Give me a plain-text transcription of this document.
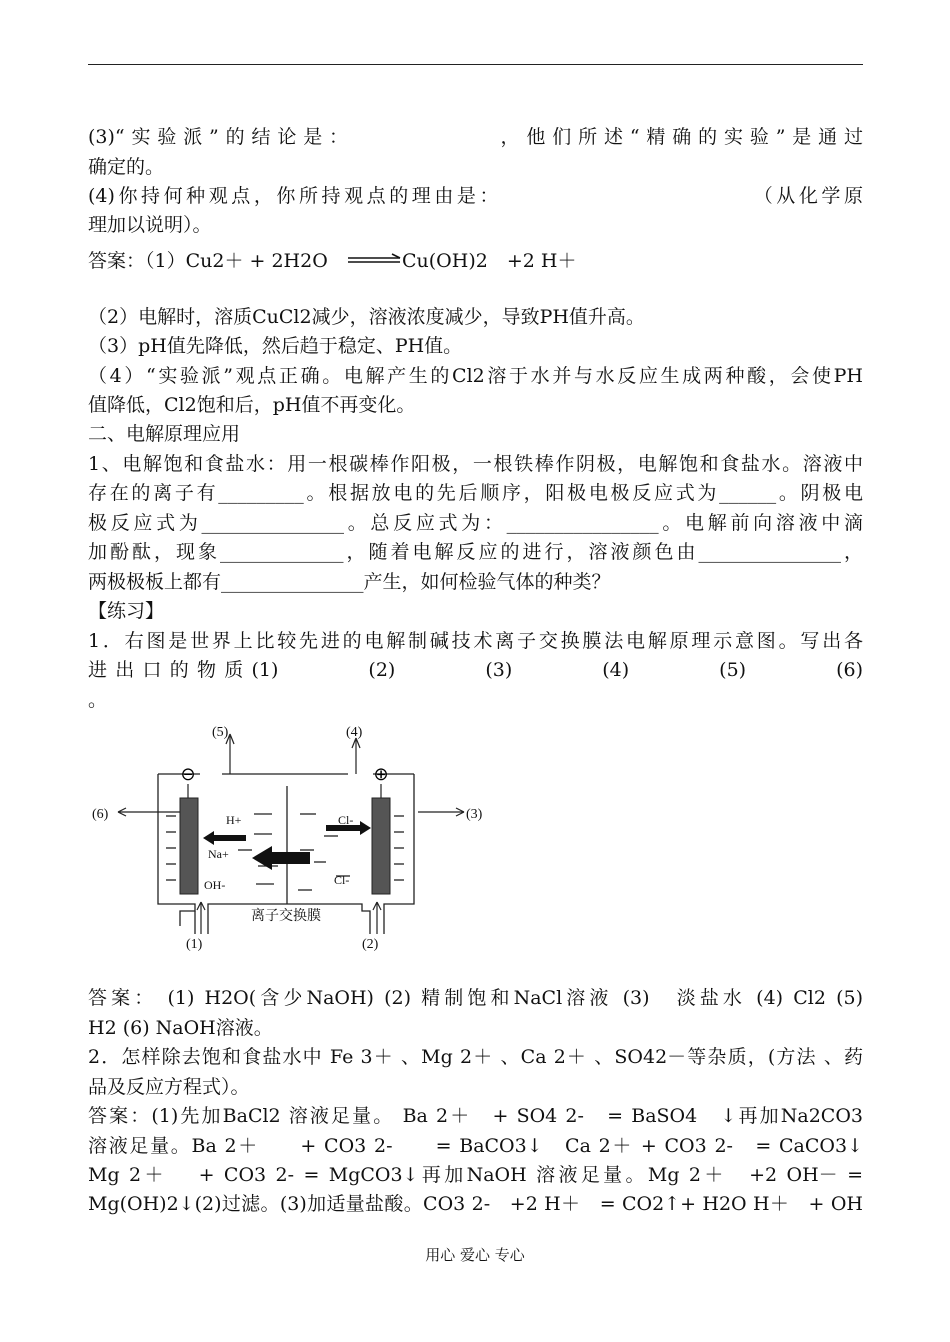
(3)“实验派”的结论是：　　　　　　，他们所述“精确的实验”是通过
确定的。
(4)你持何种观点，你所持观点的理由是：　　　　　　　　　　　　（从化学原
理加以说明）。
答案：（1）Cu2＋ + 2H2O	Cu(OH)2　+2 H＋
（2）电解时，溶质CuCl2减少，溶液浓度减少，导致PH值升高。
（3）pH值先降低，然后趋于稳定、PH值。
（4）“实验派”观点正确。电解产生的Cl2溶于水并与水反应生成两种酸，会使PH
值降低，Cl2饱和后，pH值不再变化。
二、电解原理应用
1、电解饱和食盐水：用一根碳棒作阳极，一根铁棒作阴极，电解饱和食盐水。溶液中
存在的离子有_________。根据放电的先后顺序，阳极电极反应式为______。阴极电
极反应式为_______________。总反应式为：________________。电解前向溶液中滴
加酚酞，现象_____________，随着电解反应的进行，溶液颜色由_______________，
两极极板上都有_______________产生，如何检验气体的种类？
【练习】
1．右图是世界上比较先进的电解制碱技术离子交换膜法电解原理示意图。写出各
进出口的物质(1)　　　(2)　　　(3)　　　(4)　　　(5)　　　(6)
。
⊖	⊕
H+
Na+
OH-
Cl-
Cl-
(5)	(4)
(6)	(3)
(1)	(2)
离子交换膜
答案： (1) H2O(含少NaOH) (2) 精制饱和NaCl溶液 (3)　淡盐水 (4) Cl2 (5)
H2 (6) NaOH溶液。
2．怎样除去饱和食盐水中 Fe 3＋ 、Mg 2＋ 、Ca 2＋ 、SO42－等杂质，(方法 、药
品及反应方程式）。
答案：(1)先加BaCl2 溶液足量。 Ba 2＋　+ SO4 2-　= BaSO4　↓再加Na2CO3
溶液足量。Ba 2＋　　+ CO3 2-　　= BaCO3↓　Ca 2＋ + CO3 2-　= CaCO3↓
Mg 2＋　 + CO3 2- = MgCO3↓再加NaOH 溶液足量。Mg 2＋　+2 OH－ =
Mg(OH)2↓(2)过滤。(3)加适量盐酸。CO3 2-　+2 H＋　= CO2↑+ H2O H＋　+ OH
用心 爱心 专心
